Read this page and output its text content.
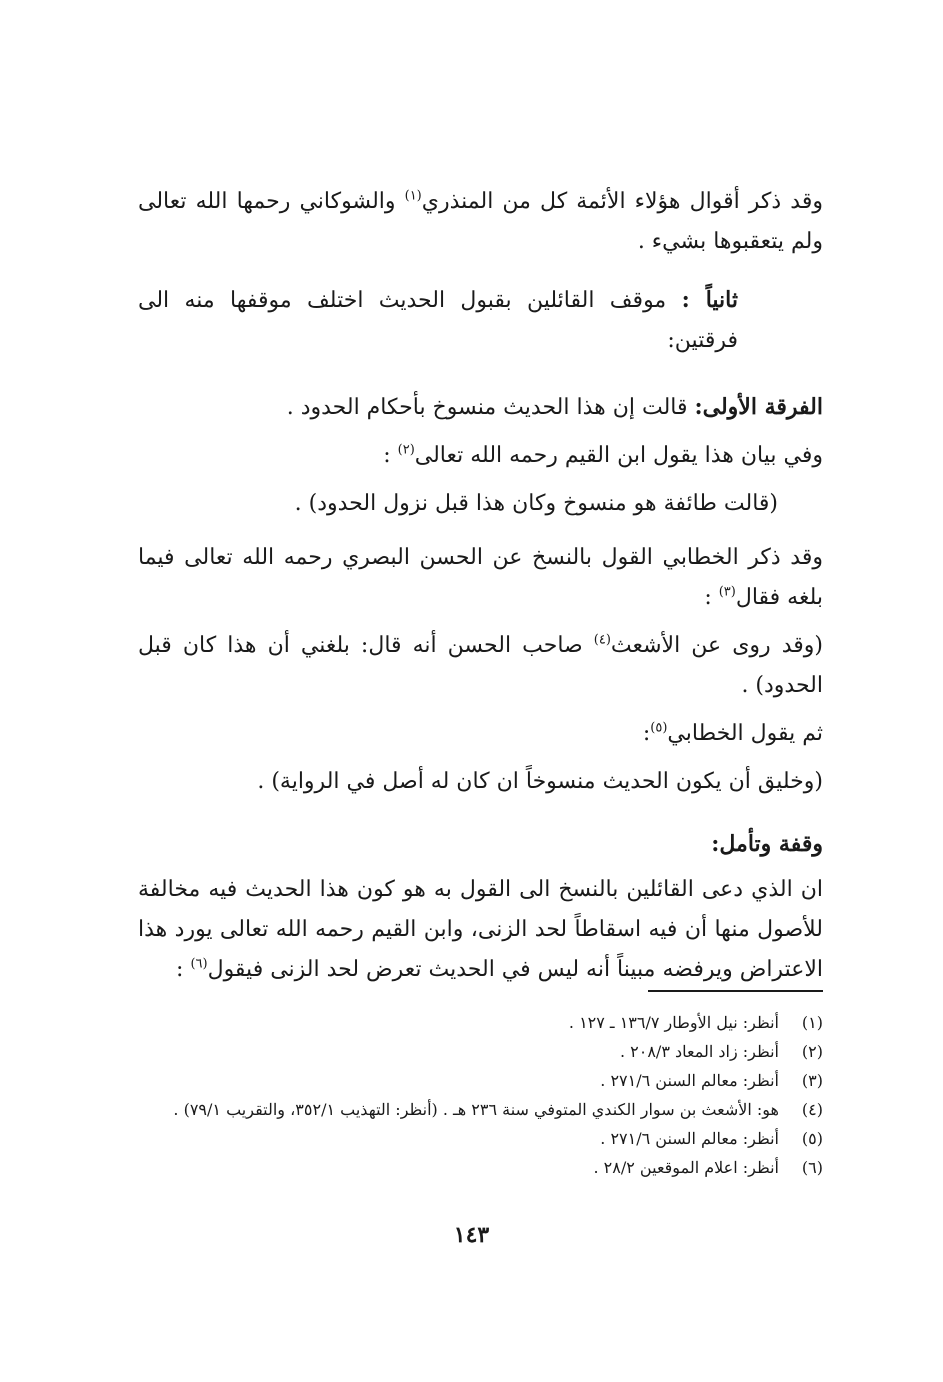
وقد ذكر أقوال هؤلاء الأئمة كل من المنذري$^{(١)}$ والشوكاني رحمها الله تعالى ولم يتعقبوها بشيء .

ثانياً : موقف القائلين بقبول الحديث اختلف موقفها منه الى فرقتين:

الفرقة الأولى: قالت إن هذا الحديث منسوخ بأحكام الحدود .

وفي بيان هذا يقول ابن القيم رحمه الله تعالى$^{(٢)}$ :

(قالت طائفة هو منسوخ وكان هذا قبل نزول الحدود) .

وقد ذكر الخطابي القول بالنسخ عن الحسن البصري رحمه الله تعالى فيما بلغه فقال$^{(٣)}$ :

(وقد روى عن الأشعث$^{(٤)}$ صاحب الحسن أنه قال: بلغني أن هذا كان قبل الحدود) .

ثم يقول الخطابي$^{(٥)}$:

(وخليق أن يكون الحديث منسوخاً ان كان له أصل في الرواية) .

وقفة وتأمل:

ان الذي دعى القائلين بالنسخ الى القول به هو كون هذا الحديث فيه مخالفة للأصول منها أن فيه اسقاطاً لحد الزنى، وابن القيم رحمه الله تعالى يورد هذا الاعتراض ويرفضه مبيناً أنه ليس في الحديث تعرض لحد الزنى فيقول$^{(٦)}$ :

(١)
أنظر: نيل الأوطار ١٣٦/٧ ـ ١٢٧ .
(٢)
أنظر: زاد المعاد ٢٠٨/٣ .
(٣)
أنظر: معالم السنن ٢٧١/٦ .
(٤)
هو: الأشعث بن سوار الكندي المتوفي سنة ٢٣٦ هـ . (أنظر: التهذيب ٣٥٢/١، والتقريب ٧٩/١) .
(٥)
أنظر: معالم السنن ٢٧١/٦ .
(٦)
أنظر: اعلام الموقعين ٢٨/٢ .
١٤٣
